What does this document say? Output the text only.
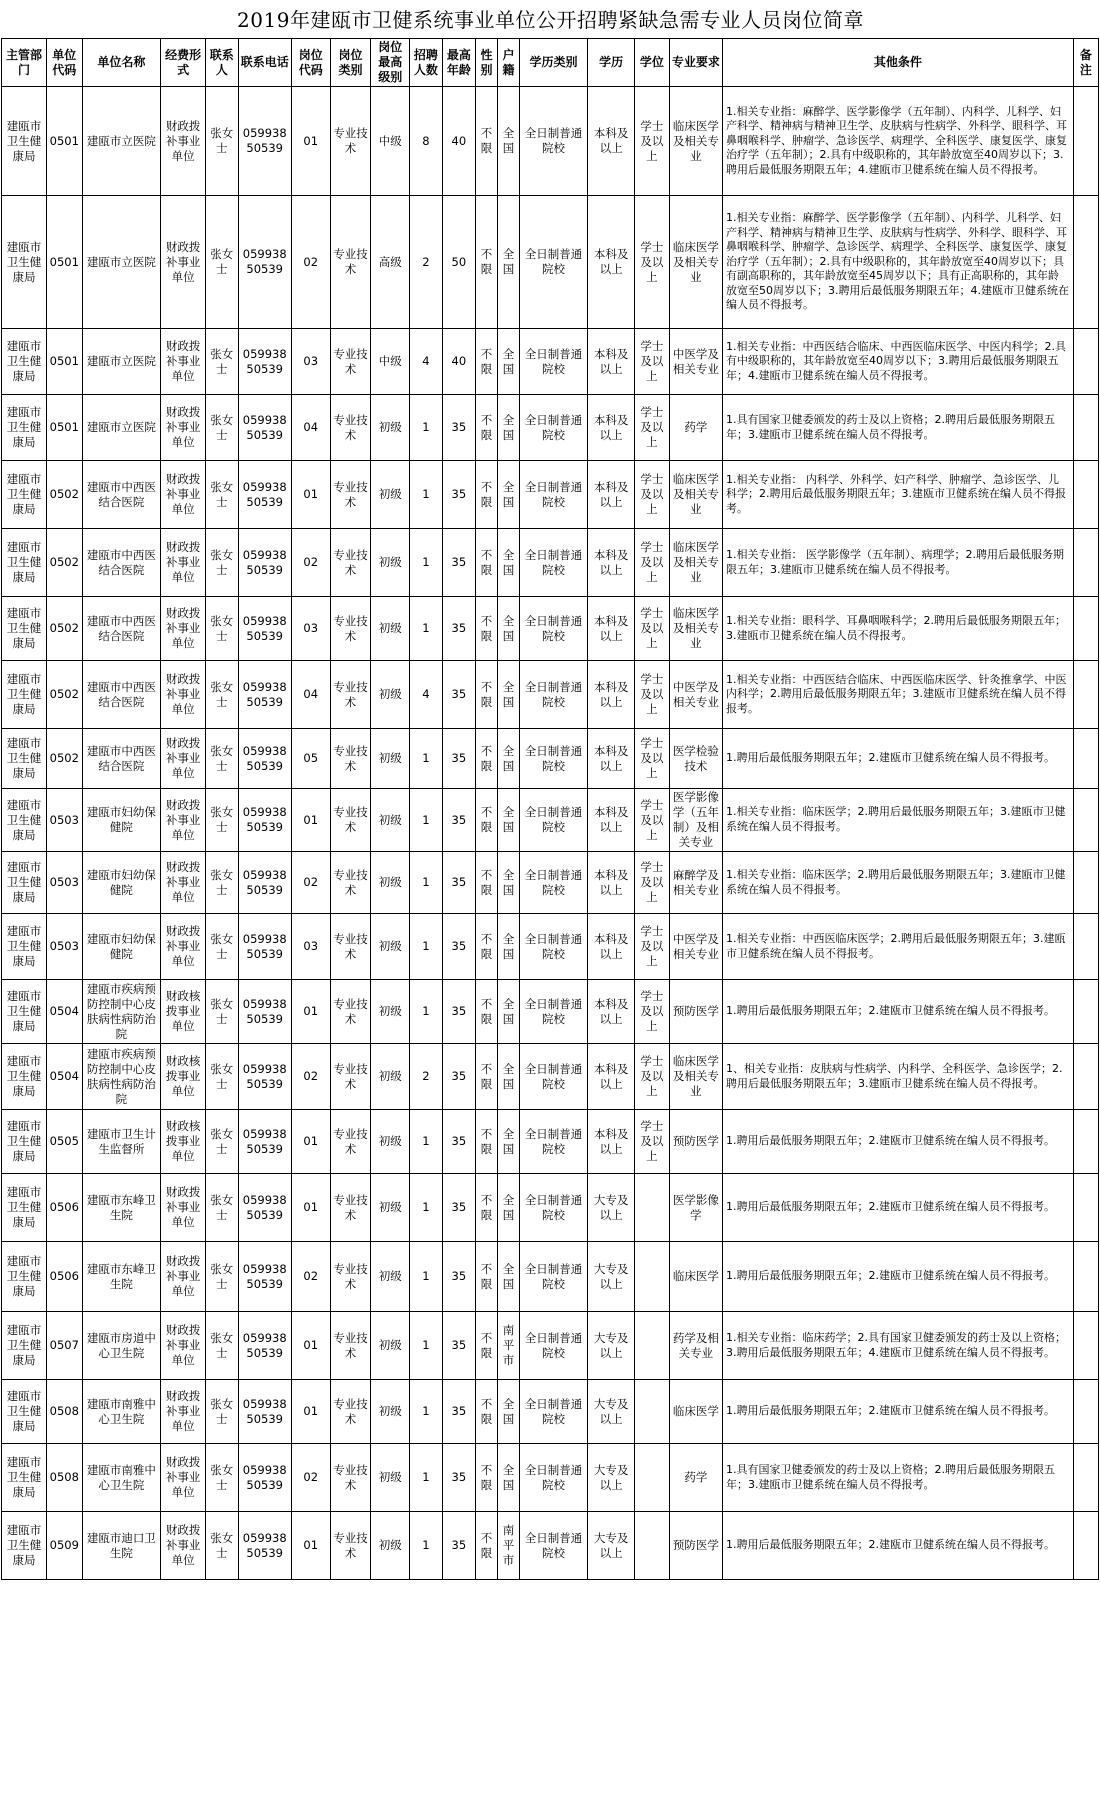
2019年建瓯市卫健系统事业单位公开招聘紧缺急需专业人员岗位简章
主管部门	单位代码	单位名称	经费形式	联系人	联系电话	岗位代码	岗位类别	岗位最高级别	招聘人数	最高年龄	性别	户籍	学历类别	学历	学位	专业要求	其他条件	备注
建瓯市卫生健康局	0501	建瓯市立医院	财政拨补事业单位	张女士	05993850539	01	专业技术	中级	8	40	不限	全国	全日制普通院校	本科及以上	学士及以上	临床医学及相关专业	1.相关专业指：麻醉学、医学影像学（五年制）、内科学、儿科学、妇产科学、精神病与精神卫生学、皮肤病与性病学、外科学、眼科学、耳鼻咽喉科学、肿瘤学、急诊医学、病理学、全科医学、康复医学、康复治疗学（五年制）；2.具有中级职称的，其年龄放宽至40周岁以下；3.聘用后最低服务期限五年；4.建瓯市卫健系统在编人员不得报考。	
建瓯市卫生健康局	0501	建瓯市立医院	财政拨补事业单位	张女士	05993850539	02	专业技术	高级	2	50	不限	全国	全日制普通院校	本科及以上	学士及以上	临床医学及相关专业	1.相关专业指：麻醉学、医学影像学（五年制）、内科学、儿科学、妇产科学、精神病与精神卫生学、皮肤病与性病学、外科学、眼科学、耳鼻咽喉科学、肿瘤学、急诊医学、病理学、全科医学、康复医学、康复治疗学（五年制）；2.具有中级职称的，其年龄放宽至40周岁以下；具有副高职称的，其年龄放宽至45周岁以下；具有正高职称的，其年龄放宽至50周岁以下；3.聘用后最低服务期限五年；4.建瓯市卫健系统在编人员不得报考。	
建瓯市卫生健康局	0501	建瓯市立医院	财政拨补事业单位	张女士	05993850539	03	专业技术	中级	4	40	不限	全国	全日制普通院校	本科及以上	学士及以上	中医学及相关专业	1.相关专业指：中西医结合临床、中西医临床医学、中医内科学；2.具有中级职称的，其年龄放宽至40周岁以下；3.聘用后最低服务期限五年；4.建瓯市卫健系统在编人员不得报考。	
建瓯市卫生健康局	0501	建瓯市立医院	财政拨补事业单位	张女士	05993850539	04	专业技术	初级	1	35	不限	全国	全日制普通院校	本科及以上	学士及以上	药学	1.具有国家卫健委颁发的药士及以上资格；2.聘用后最低服务期限五年；3.建瓯市卫健系统在编人员不得报考。	
建瓯市卫生健康局	0502	建瓯市中西医结合医院	财政拨补事业单位	张女士	05993850539	01	专业技术	初级	1	35	不限	全国	全日制普通院校	本科及以上	学士及以上	临床医学及相关专业	1.相关专业指： 内科学、外科学、妇产科学、肿瘤学、急诊医学、儿科学；2.聘用后最低服务期限五年；3.建瓯市卫健系统在编人员不得报考。	
建瓯市卫生健康局	0502	建瓯市中西医结合医院	财政拨补事业单位	张女士	05993850539	02	专业技术	初级	1	35	不限	全国	全日制普通院校	本科及以上	学士及以上	临床医学及相关专业	1.相关专业指： 医学影像学（五年制）、病理学；2.聘用后最低服务期限五年；3.建瓯市卫健系统在编人员不得报考。	
建瓯市卫生健康局	0502	建瓯市中西医结合医院	财政拨补事业单位	张女士	05993850539	03	专业技术	初级	1	35	不限	全国	全日制普通院校	本科及以上	学士及以上	临床医学及相关专业	1.相关专业指：眼科学、耳鼻咽喉科学；2.聘用后最低服务期限五年；3.建瓯市卫健系统在编人员不得报考。	
建瓯市卫生健康局	0502	建瓯市中西医结合医院	财政拨补事业单位	张女士	05993850539	04	专业技术	初级	4	35	不限	全国	全日制普通院校	本科及以上	学士及以上	中医学及相关专业	1.相关专业指：中西医结合临床、中西医临床医学、针灸推拿学、中医内科学；2.聘用后最低服务期限五年；3.建瓯市卫健系统在编人员不得报考。	
建瓯市卫生健康局	0502	建瓯市中西医结合医院	财政拨补事业单位	张女士	05993850539	05	专业技术	初级	1	35	不限	全国	全日制普通院校	本科及以上	学士及以上	医学检验技术	1.聘用后最低服务期限五年；2.建瓯市卫健系统在编人员不得报考。	
建瓯市卫生健康局	0503	建瓯市妇幼保健院	财政拨补事业单位	张女士	05993850539	01	专业技术	初级	1	35	不限	全国	全日制普通院校	本科及以上	学士及以上	医学影像学（五年制）及相关专业	1.相关专业指：临床医学；2.聘用后最低服务期限五年；3.建瓯市卫健系统在编人员不得报考。	
建瓯市卫生健康局	0503	建瓯市妇幼保健院	财政拨补事业单位	张女士	05993850539	02	专业技术	初级	1	35	不限	全国	全日制普通院校	本科及以上	学士及以上	麻醉学及相关专业	1.相关专业指：临床医学；2.聘用后最低服务期限五年；3.建瓯市卫健系统在编人员不得报考。	
建瓯市卫生健康局	0503	建瓯市妇幼保健院	财政拨补事业单位	张女士	05993850539	03	专业技术	初级	1	35	不限	全国	全日制普通院校	本科及以上	学士及以上	中医学及相关专业	1.相关专业指：中西医临床医学；2.聘用后最低服务期限五年；3.建瓯市卫健系统在编人员不得报考。	
建瓯市卫生健康局	0504	建瓯市疾病预防控制中心皮肤病性病防治院	财政核拨事业单位	张女士	05993850539	01	专业技术	初级	1	35	不限	全国	全日制普通院校	本科及以上	学士及以上	预防医学	1.聘用后最低服务期限五年；2.建瓯市卫健系统在编人员不得报考。	
建瓯市卫生健康局	0504	建瓯市疾病预防控制中心皮肤病性病防治院	财政核拨事业单位	张女士	05993850539	02	专业技术	初级	2	35	不限	全国	全日制普通院校	本科及以上	学士及以上	临床医学及相关专业	1、相关专业指：皮肤病与性病学、内科学、全科医学、急诊医学；2.聘用后最低服务期限五年；3.建瓯市卫健系统在编人员不得报考。	
建瓯市卫生健康局	0505	建瓯市卫生计生监督所	财政核拨事业单位	张女士	05993850539	01	专业技术	初级	1	35	不限	全国	全日制普通院校	本科及以上	学士及以上	预防医学	1.聘用后最低服务期限五年；2.建瓯市卫健系统在编人员不得报考。	
建瓯市卫生健康局	0506	建瓯市东峰卫生院	财政拨补事业单位	张女士	05993850539	01	专业技术	初级	1	35	不限	全国	全日制普通院校	大专及以上		医学影像学	1.聘用后最低服务期限五年；2.建瓯市卫健系统在编人员不得报考。	
建瓯市卫生健康局	0506	建瓯市东峰卫生院	财政拨补事业单位	张女士	05993850539	02	专业技术	初级	1	35	不限	全国	全日制普通院校	大专及以上		临床医学	1.聘用后最低服务期限五年；2.建瓯市卫健系统在编人员不得报考。	
建瓯市卫生健康局	0507	建瓯市房道中心卫生院	财政拨补事业单位	张女士	05993850539	01	专业技术	初级	1	35	不限	南平市	全日制普通院校	大专及以上		药学及相关专业	1.相关专业指：临床药学；2.具有国家卫健委颁发的药士及以上资格；3.聘用后最低服务期限五年；4.建瓯市卫健系统在编人员不得报考。	
建瓯市卫生健康局	0508	建瓯市南雅中心卫生院	财政拨补事业单位	张女士	05993850539	01	专业技术	初级	1	35	不限	全国	全日制普通院校	大专及以上		临床医学	1.聘用后最低服务期限五年；2.建瓯市卫健系统在编人员不得报考。	
建瓯市卫生健康局	0508	建瓯市南雅中心卫生院	财政拨补事业单位	张女士	05993850539	02	专业技术	初级	1	35	不限	全国	全日制普通院校	大专及以上		药学	1.具有国家卫健委颁发的药士及以上资格；2.聘用后最低服务期限五年；3.建瓯市卫健系统在编人员不得报考。	
建瓯市卫生健康局	0509	建瓯市迪口卫生院	财政拨补事业单位	张女士	05993850539	01	专业技术	初级	1	35	不限	南平市	全日制普通院校	大专及以上		预防医学	1.聘用后最低服务期限五年；2.建瓯市卫健系统在编人员不得报考。	
